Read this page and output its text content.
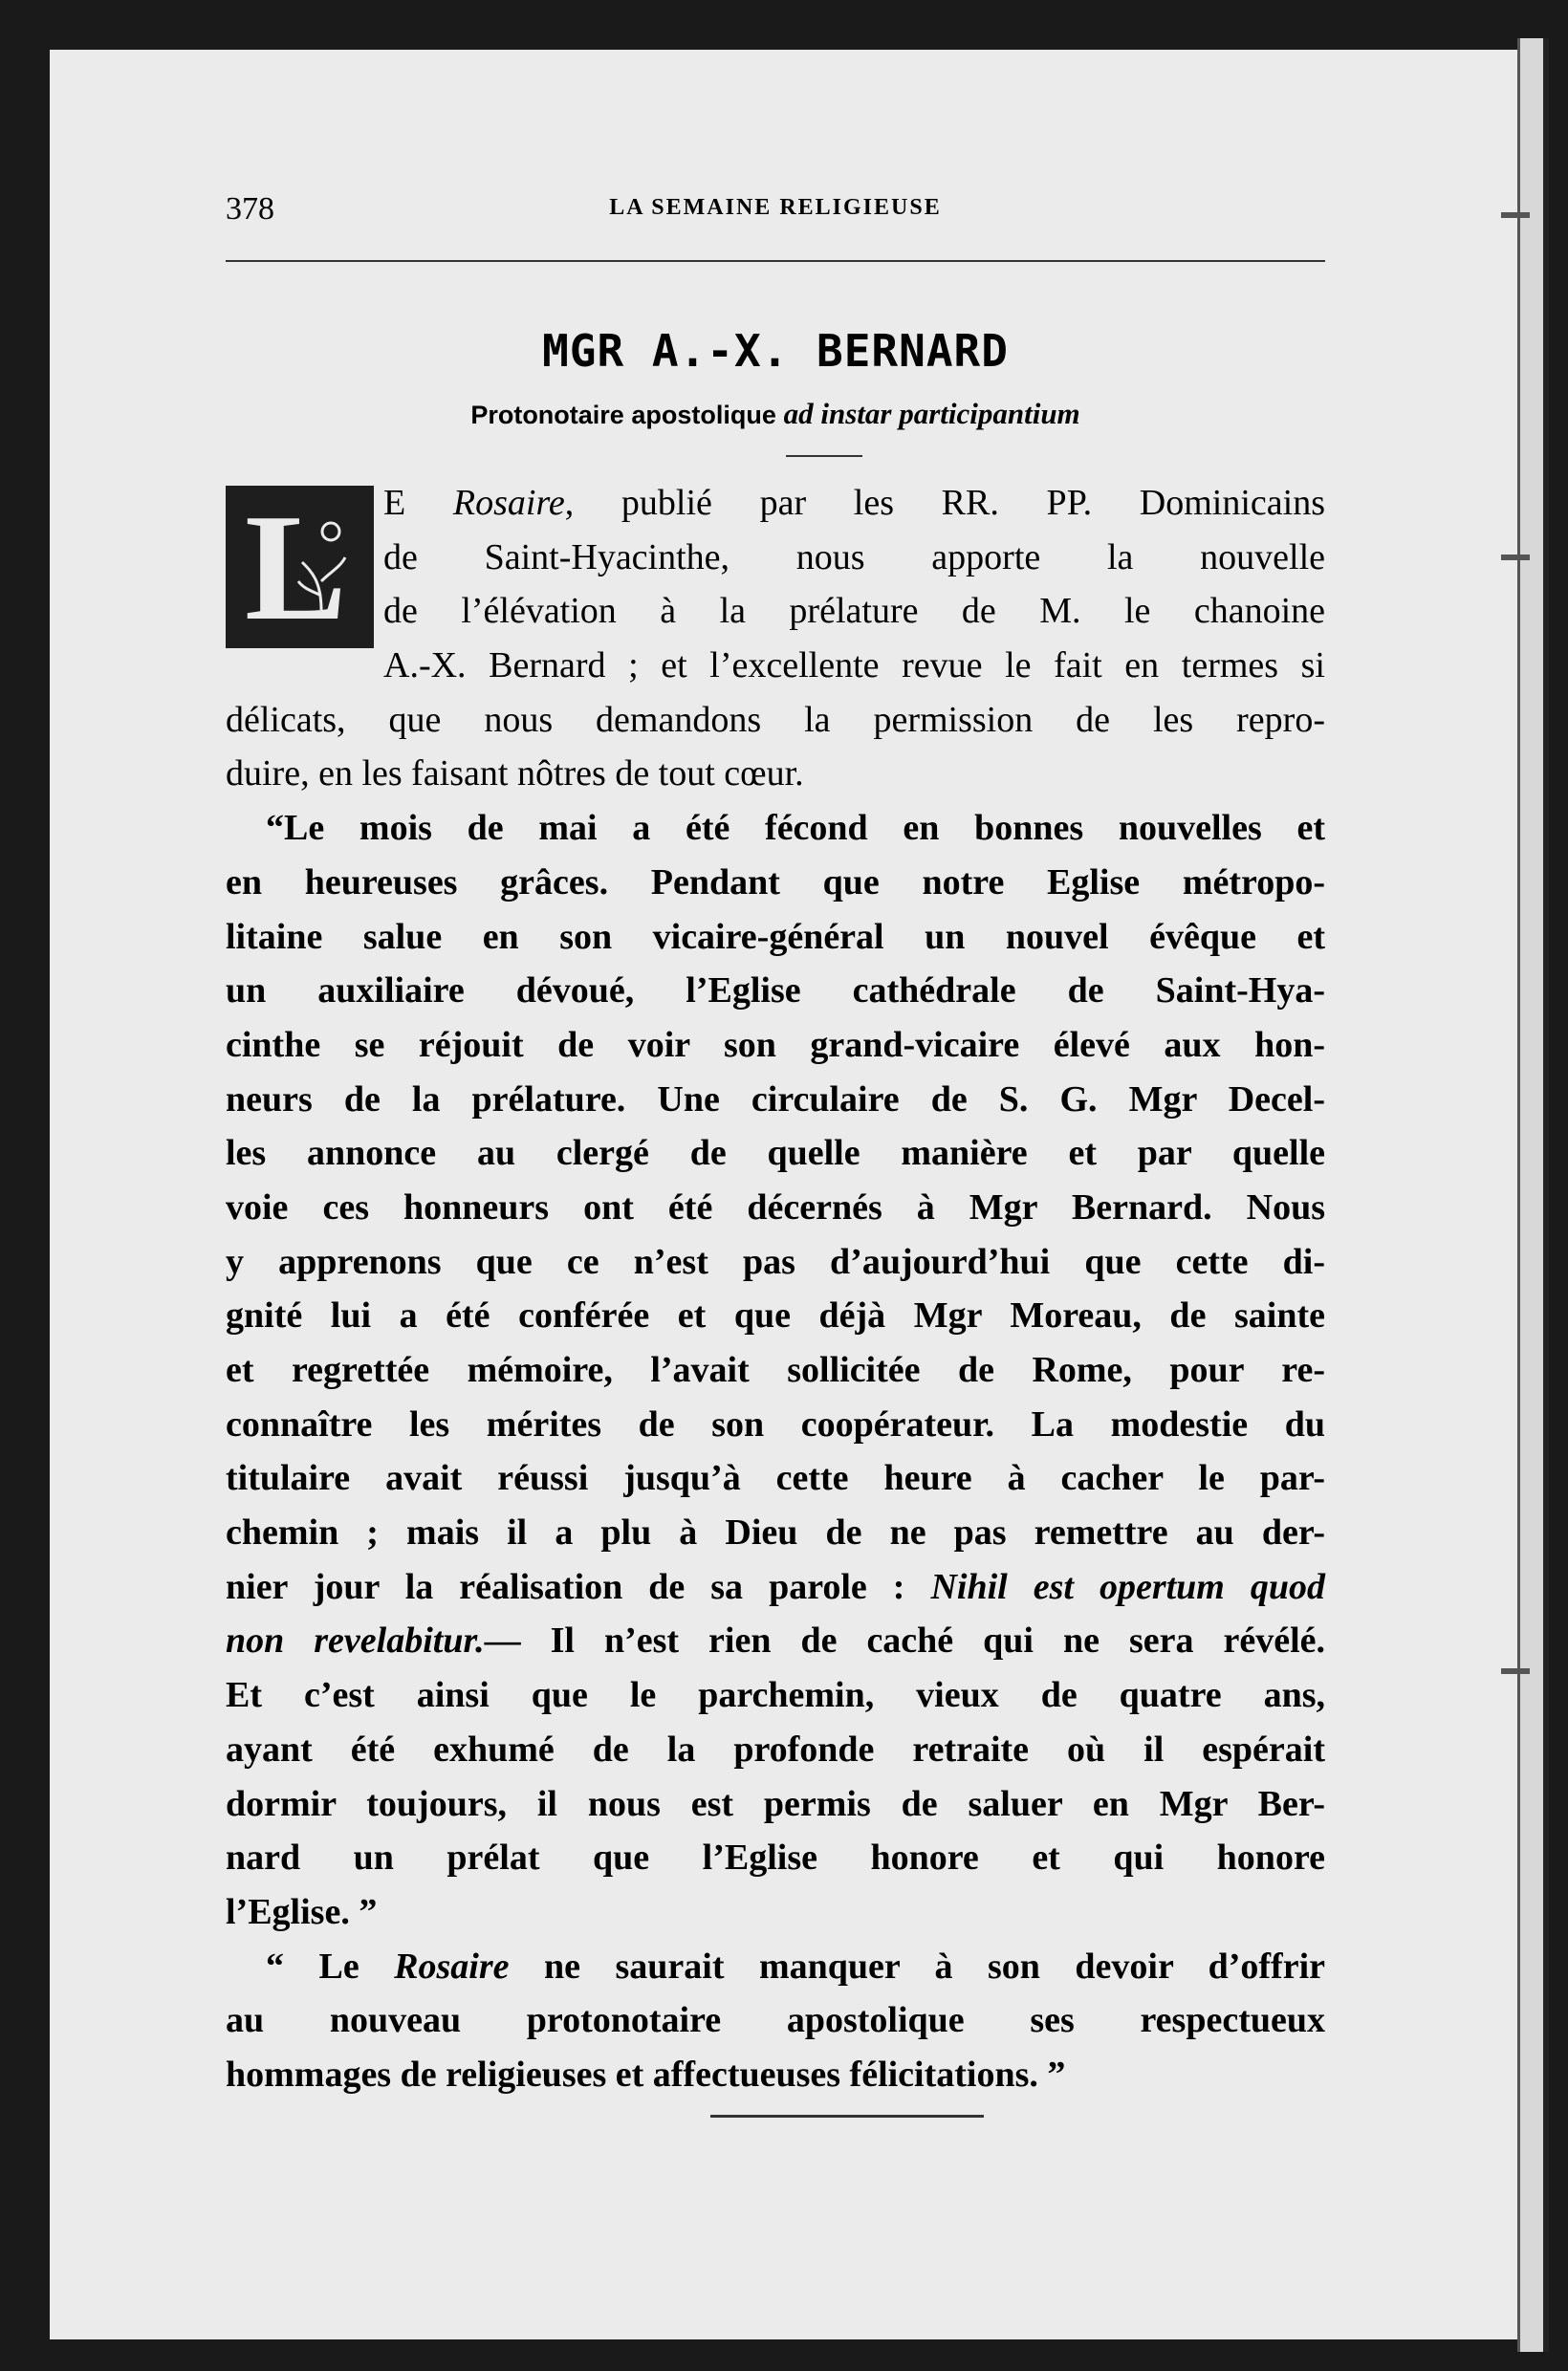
378	LA SEMAINE RELIGIEUSE
MGR A.-X. BERNARD
Protonotaire apostolique ad instar participantium
L	E Rosaire, publié par les RR. PP. Dominicains
de Saint-Hyacinthe, nous apporte la nouvelle
de l’élévation à la prélature de M. le chanoine
A.-X. Bernard ; et l’excellente revue le fait en termes si
délicats, que nous demandons la permission de les repro-
duire, en les faisant nôtres de tout cœur.
“Le mois de mai a été fécond en bonnes nouvelles et
en heureuses grâces. Pendant que notre Eglise métropo-
litaine salue en son vicaire-général un nouvel évêque et
un auxiliaire dévoué, l’Eglise cathédrale de Saint-Hya-
cinthe se réjouit de voir son grand-vicaire élevé aux hon-
neurs de la prélature. Une circulaire de S. G. Mgr Decel-
les annonce au clergé de quelle manière et par quelle
voie ces honneurs ont été décernés à Mgr Bernard. Nous
y apprenons que ce n’est pas d’aujourd’hui que cette di-
gnité lui a été conférée et que déjà Mgr Moreau, de sainte
et regrettée mémoire, l’avait sollicitée de Rome, pour re-
connaître les mérites de son coopérateur. La modestie du
titulaire avait réussi jusqu’à cette heure à cacher le par-
chemin ; mais il a plu à Dieu de ne pas remettre au der-
nier jour la réalisation de sa parole : Nihil est opertum quod
non revelabitur.— Il n’est rien de caché qui ne sera révélé.
Et c’est ainsi que le parchemin, vieux de quatre ans,
ayant été exhumé de la profonde retraite où il espérait
dormir toujours, il nous est permis de saluer en Mgr Ber-
nard un prélat que l’Eglise honore et qui honore
l’Eglise. ”
“ Le Rosaire ne saurait manquer à son devoir d’offrir
au nouveau protonotaire apostolique ses respectueux
hommages de religieuses et affectueuses félicitations. ”
